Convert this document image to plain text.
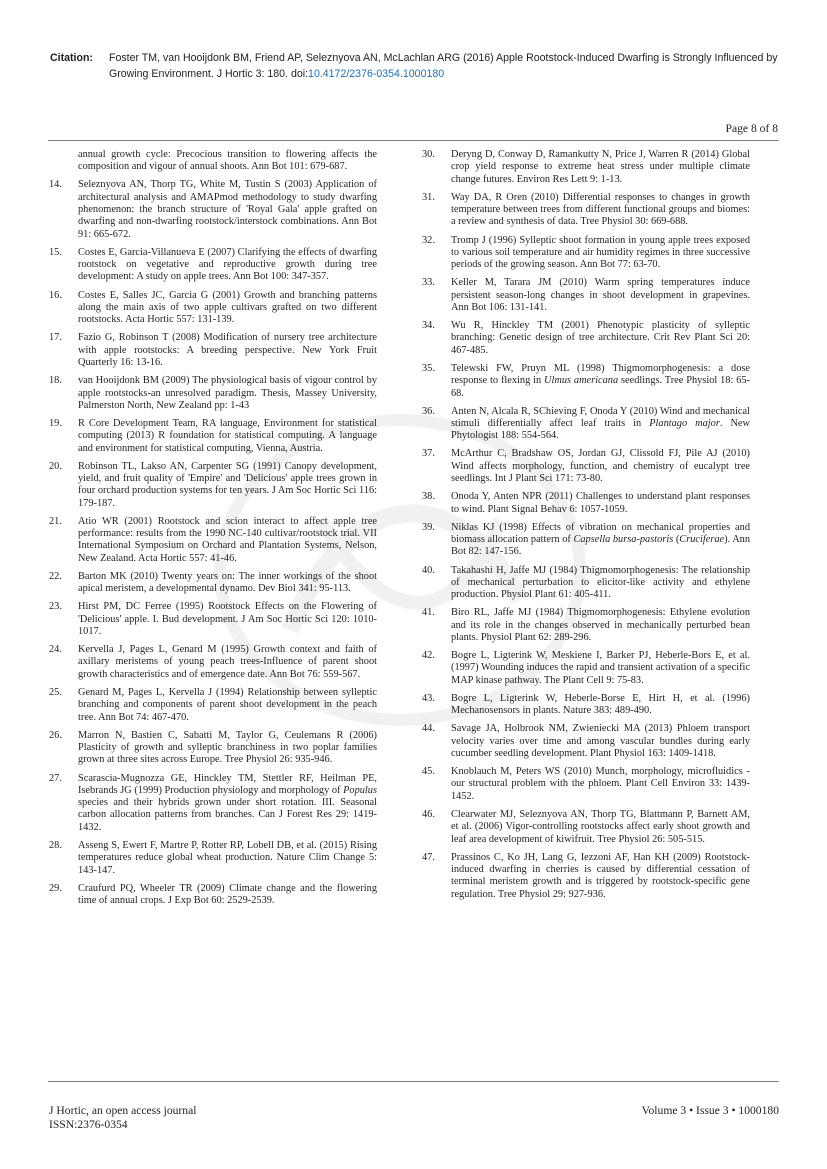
Citation: Foster TM, van Hooijdonk BM, Friend AP, Seleznyova AN, McLachlan ARG (2016) Apple Rootstock-Induced Dwarfing is Strongly Influenced by Growing Environment. J Hortic 3: 180. doi:10.4172/2376-0354.1000180
Page 8 of 8
annual growth cycle: Precocious transition to flowering affects the composition and vigour of annual shoots. Ann Bot 101: 679-687.
14. Seleznyova AN, Thorp TG, White M, Tustin S (2003) Application of architectural analysis and AMAPmod methodology to study dwarfing phenomenon: the branch structure of 'Royal Gala' apple grafted on dwarfing and non-dwarfing rootstock/interstock combinations. Ann Bot 91: 665-672.
15. Costes E, Garcia-Villanueva E (2007) Clarifying the effects of dwarfing rootstock on vegetative and reproductive growth during tree development: A study on apple trees. Ann Bot 100: 347-357.
16. Costes E, Salles JC, Garcia G (2001) Growth and branching patterns along the main axis of two apple cultivars grafted on two different rootstocks. Acta Hortic 557: 131-139.
17. Fazio G, Robinson T (2008) Modification of nursery tree architecture with apple rootstocks: A breeding perspective. New York Fruit Quarterly 16: 13-16.
18. van Hooijdonk BM (2009) The physiological basis of vigour control by apple rootstocks-an unresolved paradigm. Thesis, Massey University, Palmerston North, New Zealand pp: 1-43
19. R Core Development Team, RA language, Environment for statistical computing (2013) R foundation for statistical computing. A language and environment for statistical computing, Vienna, Austria.
20. Robinson TL, Lakso AN, Carpenter SG (1991) Canopy development, yield, and fruit quality of 'Empire' and 'Delicious' apple trees grown in four orchard production systems for ten years. J Am Soc Hortic Sci 116: 179-187.
21. Atio WR (2001) Rootstock and scion interact to affect apple tree performance: results from the 1990 NC-140 cultivar/rootstock trial. VII International Symposium on Orchard and Plantation Systems, Nelson, New Zealand. Acta Hortic 557: 41-46.
22. Barton MK (2010) Twenty years on: The inner workings of the shoot apical meristem, a developmental dynamo. Dev Biol 341: 95-113.
23. Hirst PM, DC Ferree (1995) Rootstock Effects on the Flowering of 'Delicious' apple. I. Bud development. J Am Soc Hortic Sci 120: 1010-1017.
24. Kervella J, Pages L, Genard M (1995) Growth context and faith of axillary meristems of young peach trees-Influence of parent shoot growth characteristics and of emergence date. Ann Bot 76: 559-567.
25. Genard M, Pages L, Kervella J (1994) Relationship between sylleptic branching and components of parent shoot development in the peach tree. Ann Bot 74: 467-470.
26. Marron N, Bastien C, Sabatti M, Taylor G, Ceulemans R (2006) Plasticity of growth and sylleptic branchiness in two poplar families grown at three sites across Europe. Tree Physiol 26: 935-946.
27. Scarascia-Mugnozza GE, Hinckley TM, Stettler RF, Heilman PE, Isebrands JG (1999) Production physiology and morphology of Populus species and their hybrids grown under short rotation. III. Seasonal carbon allocation patterns from branches. Can J Forest Res 29: 1419-1432.
28. Asseng S, Ewert F, Martre P, Rotter RP, Lobell DB, et al. (2015) Rising temperatures reduce global wheat production. Nature Clim Change 5: 143-147.
29. Craufurd PQ, Wheeler TR (2009) Climate change and the flowering time of annual crops. J Exp Bot 60: 2529-2539.
30. Deryng D, Conway D, Ramankutty N, Price J, Warren R (2014) Global crop yield response to extreme heat stress under multiple climate change futures. Environ Res Lett 9: 1-13.
31. Way DA, R Oren (2010) Differential responses to changes in growth temperature between trees from different functional groups and biomes: a review and synthesis of data. Tree Physiol 30: 669-688.
32. Tromp J (1996) Sylleptic shoot formation in young apple trees exposed to various soil temperature and air humidity regimes in three successive periods of the growing season. Ann Bot 77: 63-70.
33. Keller M, Tarara JM (2010) Warm spring temperatures induce persistent season-long changes in shoot development in grapevines. Ann Bot 106: 131-141.
34. Wu R, Hinckley TM (2001) Phenotypic plasticity of sylleptic branching: Genetic design of tree architecture. Crit Rev Plant Sci 20: 467-485.
35. Telewski FW, Pruyn ML (1998) Thigmomorphogenesis: a dose response to flexing in Ulmus americana seedlings. Tree Physiol 18: 65-68.
36. Anten N, Alcala R, SChieving F, Onoda Y (2010) Wind and mechanical stimuli differentially affect leaf traits in Plantago major. New Phytologist 188: 554-564.
37. McArthur C, Bradshaw OS, Jordan GJ, Clissold FJ, Pile AJ (2010) Wind affects morphology, function, and chemistry of eucalypt tree seedlings. Int J Plant Sci 171: 73-80.
38. Onoda Y, Anten NPR (2011) Challenges to understand plant responses to wind. Plant Signal Behav 6: 1057-1059.
39. Niklas KJ (1998) Effects of vibration on mechanical properties and biomass allocation pattern of Capsella bursa-pastoris (Cruciferae). Ann Bot 82: 147-156.
40. Takahashi H, Jaffe MJ (1984) Thigmomorphogenesis: The relationship of mechanical perturbation to elicitor-like activity and ethylene production. Physiol Plant 61: 405-411.
41. Biro RL, Jaffe MJ (1984) Thigmomorphogenesis: Ethylene evolution and its role in the changes observed in mechanically perturbed bean plants. Physiol Plant 62: 289-296.
42. Bogre L, Ligterink W, Meskiene I, Barker PJ, Heberle-Bors E, et al. (1997) Wounding induces the rapid and transient activation of a specific MAP kinase pathway. The Plant Cell 9: 75-83.
43. Bogre L, Ligterink W, Heberle-Borse E, Hirt H, et al. (1996) Mechanosensors in plants. Nature 383: 489-490.
44. Savage JA, Holbrook NM, Zwieniecki MA (2013) Phloem transport velocity varies over time and among vascular bundles during early cucumber seedling development. Plant Physiol 163: 1409-1418.
45. Knoblauch M, Peters WS (2010) Munch, morphology, microfluidics -our structural problem with the phloem. Plant Cell Environ 33: 1439-1452.
46. Clearwater MJ, Seleznyova AN, Thorp TG, Blattmann P, Barnett AM, et al. (2006) Vigor-controlling rootstocks affect early shoot growth and leaf area development of kiwifruit. Tree Physiol 26: 505-515.
47. Prassinos C, Ko JH, Lang G, Iezzoni AF, Han KH (2009) Rootstock-induced dwarfing in cherries is caused by differential cessation of terminal meristem growth and is triggered by rootstock-specific gene regulation. Tree Physiol 29: 927-936.
J Hortic, an open access journal
ISSN:2376-0354
Volume 3 • Issue 3 • 1000180
